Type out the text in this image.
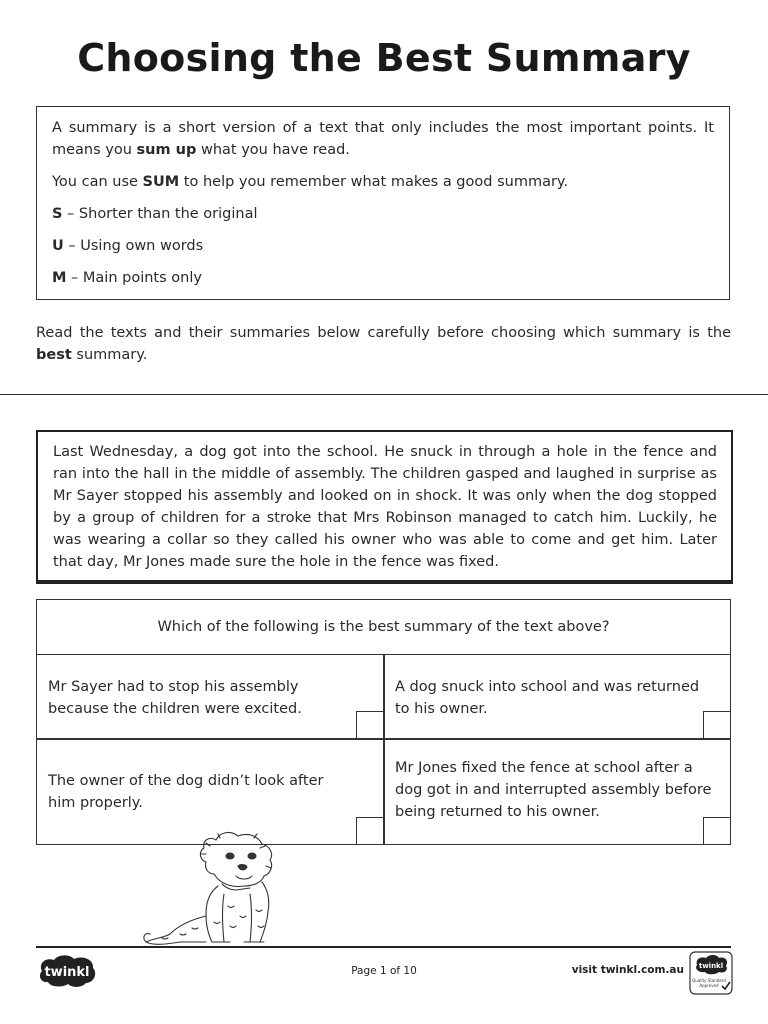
Choosing the Best Summary

A summary is a short version of a text that only includes the most important points. It means you sum up what you have read.

You can use SUM to help you remember what makes a good summary.

S – Shorter than the original

U – Using own words

M – Main points only

Read the texts and their summaries below carefully before choosing which summary is the best summary.
Last Wednesday, a dog got into the school. He snuck in through a hole in the fence and ran into the hall in the middle of assembly. The children gasped and laughed in surprise as Mr Sayer stopped his assembly and looked on in shock. It was only when the dog stopped by a group of children for a stroke that Mrs Robinson managed to catch him. Luckily, he was wearing a collar so they called his owner who was able to come and get him. Later that day, Mr Jones made sure the hole in the fence was fixed.
Which of the following is the best summary of the text above?
Mr Sayer had to stop his assembly because the children were excited.
A dog snuck into school and was returned to his owner.
The owner of the dog didn’t look after him properly.
Mr Jones fixed the fence at school after a dog got in and interrupted assembly before being returned to his owner.
twinkl	Page 1 of 10	visit twinkl.com.au twinkl
Quality Standard
Approved
